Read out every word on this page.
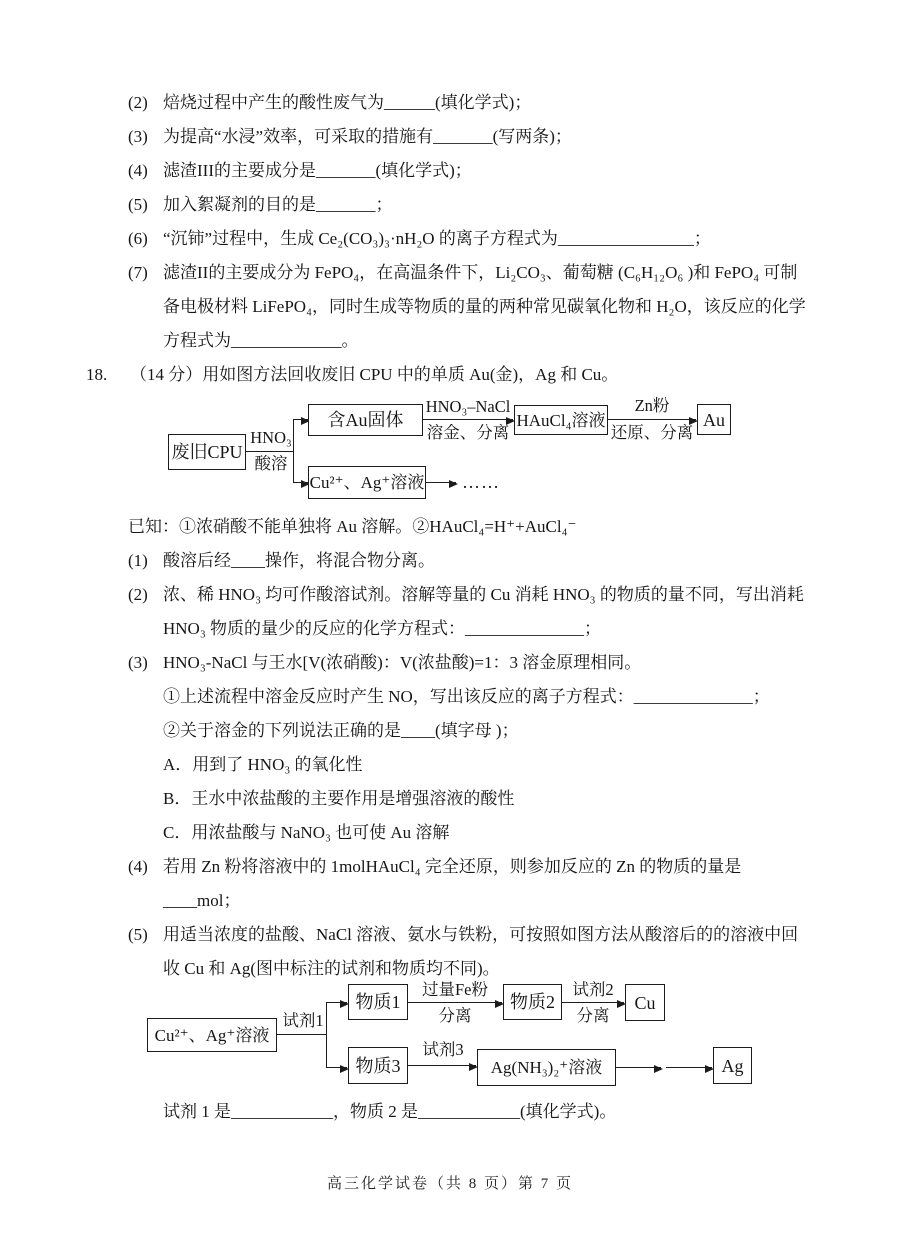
(2) 焙烧过程中产生的酸性废气为______(填化学式)；
(3) 为提高“水浸”效率，可采取的措施有_______(写两条)；
(4) 滤渣III的主要成分是_______(填化学式)；
(5) 加入絮凝剂的目的是_______；
(6) “沉铈”过程中，生成 Ce₂(CO₃)₃·nH₂O 的离子方程式为________________；
(7) 滤渣II的主要成分为 FePO₄，在高温条件下，Li₂CO₃、葡萄糖 (C₆H₁₂O₆ )和 FePO₄ 可制备电极材料 LiFePO₄，同时生成等物质的量的两种常见碳氧化物和 H₂O，该反应的化学方程式为_____________。
18.	（14 分）用如图方法回收废旧 CPU 中的单质 Au(金)，Ag 和 Cu。
废旧CPU
HNO₃
酸溶
含Au固体
HNO₃–NaCl
溶金、分离
HAuCl₄溶液
Zn粉
还原、分离
Au
Cu²⁺、Ag⁺溶液 ……
已知：①浓硝酸不能单独将 Au 溶解。②HAuCl₄=H⁺+AuCl₄⁻
(1) 酸溶后经____操作，将混合物分离。
(2) 浓、稀 HNO₃ 均可作酸溶试剂。溶解等量的 Cu 消耗 HNO₃ 的物质的量不同，写出消耗 HNO₃ 物质的量少的反应的化学方程式：______________；
(3) HNO₃-NaCl 与王水[V(浓硝酸)：V(浓盐酸)=1：3 溶金原理相同。
①上述流程中溶金反应时产生 NO，写出该反应的离子方程式：______________；
②关于溶金的下列说法正确的是____(填字母 )；
A．用到了 HNO₃ 的氧化性
B．王水中浓盐酸的主要作用是增强溶液的酸性
C．用浓盐酸与 NaNO₃ 也可使 Au 溶解
(4) 若用 Zn 粉将溶液中的 1molHAuCl₄ 完全还原，则参加反应的 Zn 的物质的量是____mol；
(5) 用适当浓度的盐酸、NaCl 溶液、氨水与铁粉，可按照如图方法从酸溶后的的溶液中回收 Cu 和 Ag(图中标注的试剂和物质均不同)。
Cu²⁺、Ag⁺溶液
试剂1
物质1
过量Fe粉
分离
物质2
试剂2
分离
Cu
物质3
试剂3
Ag(NH₃)₂⁺溶液	Ag
试剂 1 是____________，物质 2 是____________(填化学式)。
高三化学试卷（共 8 页）第 7 页
